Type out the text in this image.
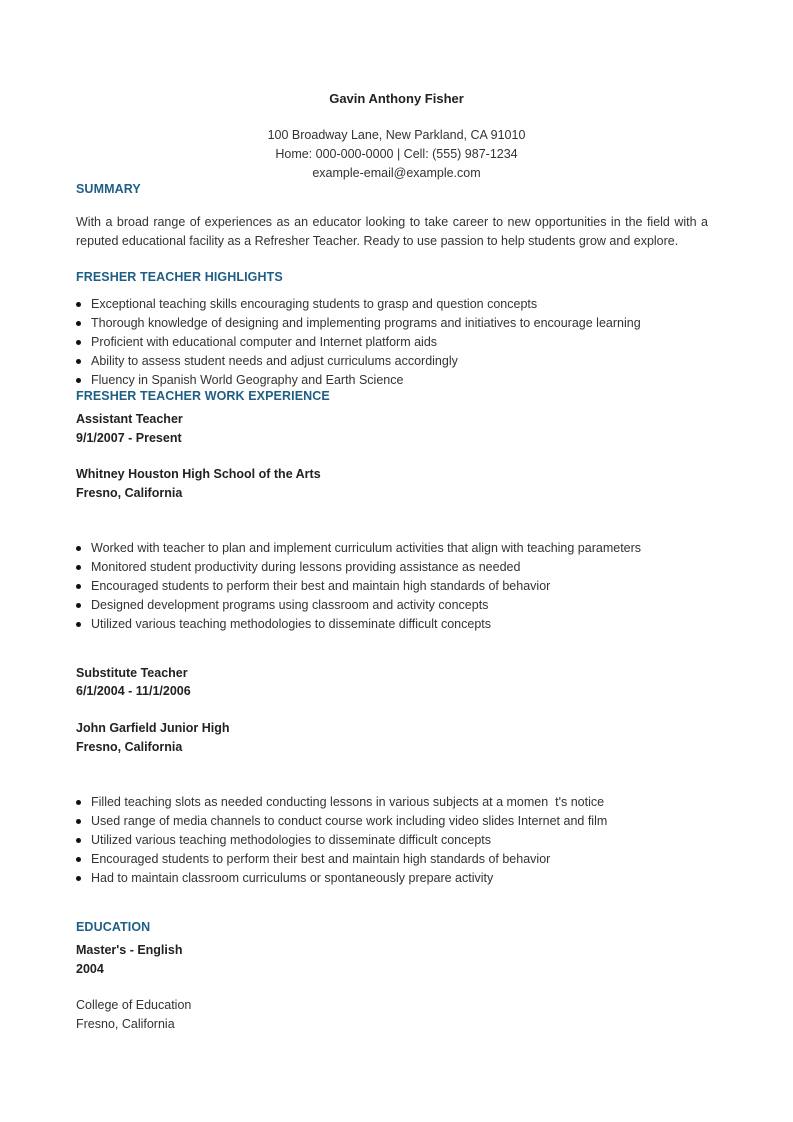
Gavin Anthony Fisher
100 Broadway Lane, New Parkland, CA 91010
Home: 000-000-0000 | Cell: (555) 987-1234
example-email@example.com
SUMMARY
With a broad range of experiences as an educator looking to take career to new opportunities in the field with a reputed educational facility as a Refresher Teacher. Ready to use passion to help students grow and explore.
FRESHER TEACHER HIGHLIGHTS
Exceptional teaching skills encouraging students to grasp and question concepts
Thorough knowledge of designing and implementing programs and initiatives to encourage learning
Proficient with educational computer and Internet platform aids
Ability to assess student needs and adjust curriculums accordingly
Fluency in Spanish World Geography and Earth Science
FRESHER TEACHER WORK EXPERIENCE
Assistant Teacher
9/1/2007 - Present
Whitney Houston High School of the Arts
Fresno, California
Worked with teacher to plan and implement curriculum activities that align with teaching parameters
Monitored student productivity during lessons providing assistance as needed
Encouraged students to perform their best and maintain high standards of behavior
Designed development programs using classroom and activity concepts
Utilized various teaching methodologies to disseminate difficult concepts
Substitute Teacher
6/1/2004 - 11/1/2006
John Garfield Junior High
Fresno, California
Filled teaching slots as needed conducting lessons in various subjects at a momen  t's notice
Used range of media channels to conduct course work including video slides Internet and film
Utilized various teaching methodologies to disseminate difficult concepts
Encouraged students to perform their best and maintain high standards of behavior
Had to maintain classroom curriculums or spontaneously prepare activity
EDUCATION
Master's - English
2004
College of Education
Fresno, California
